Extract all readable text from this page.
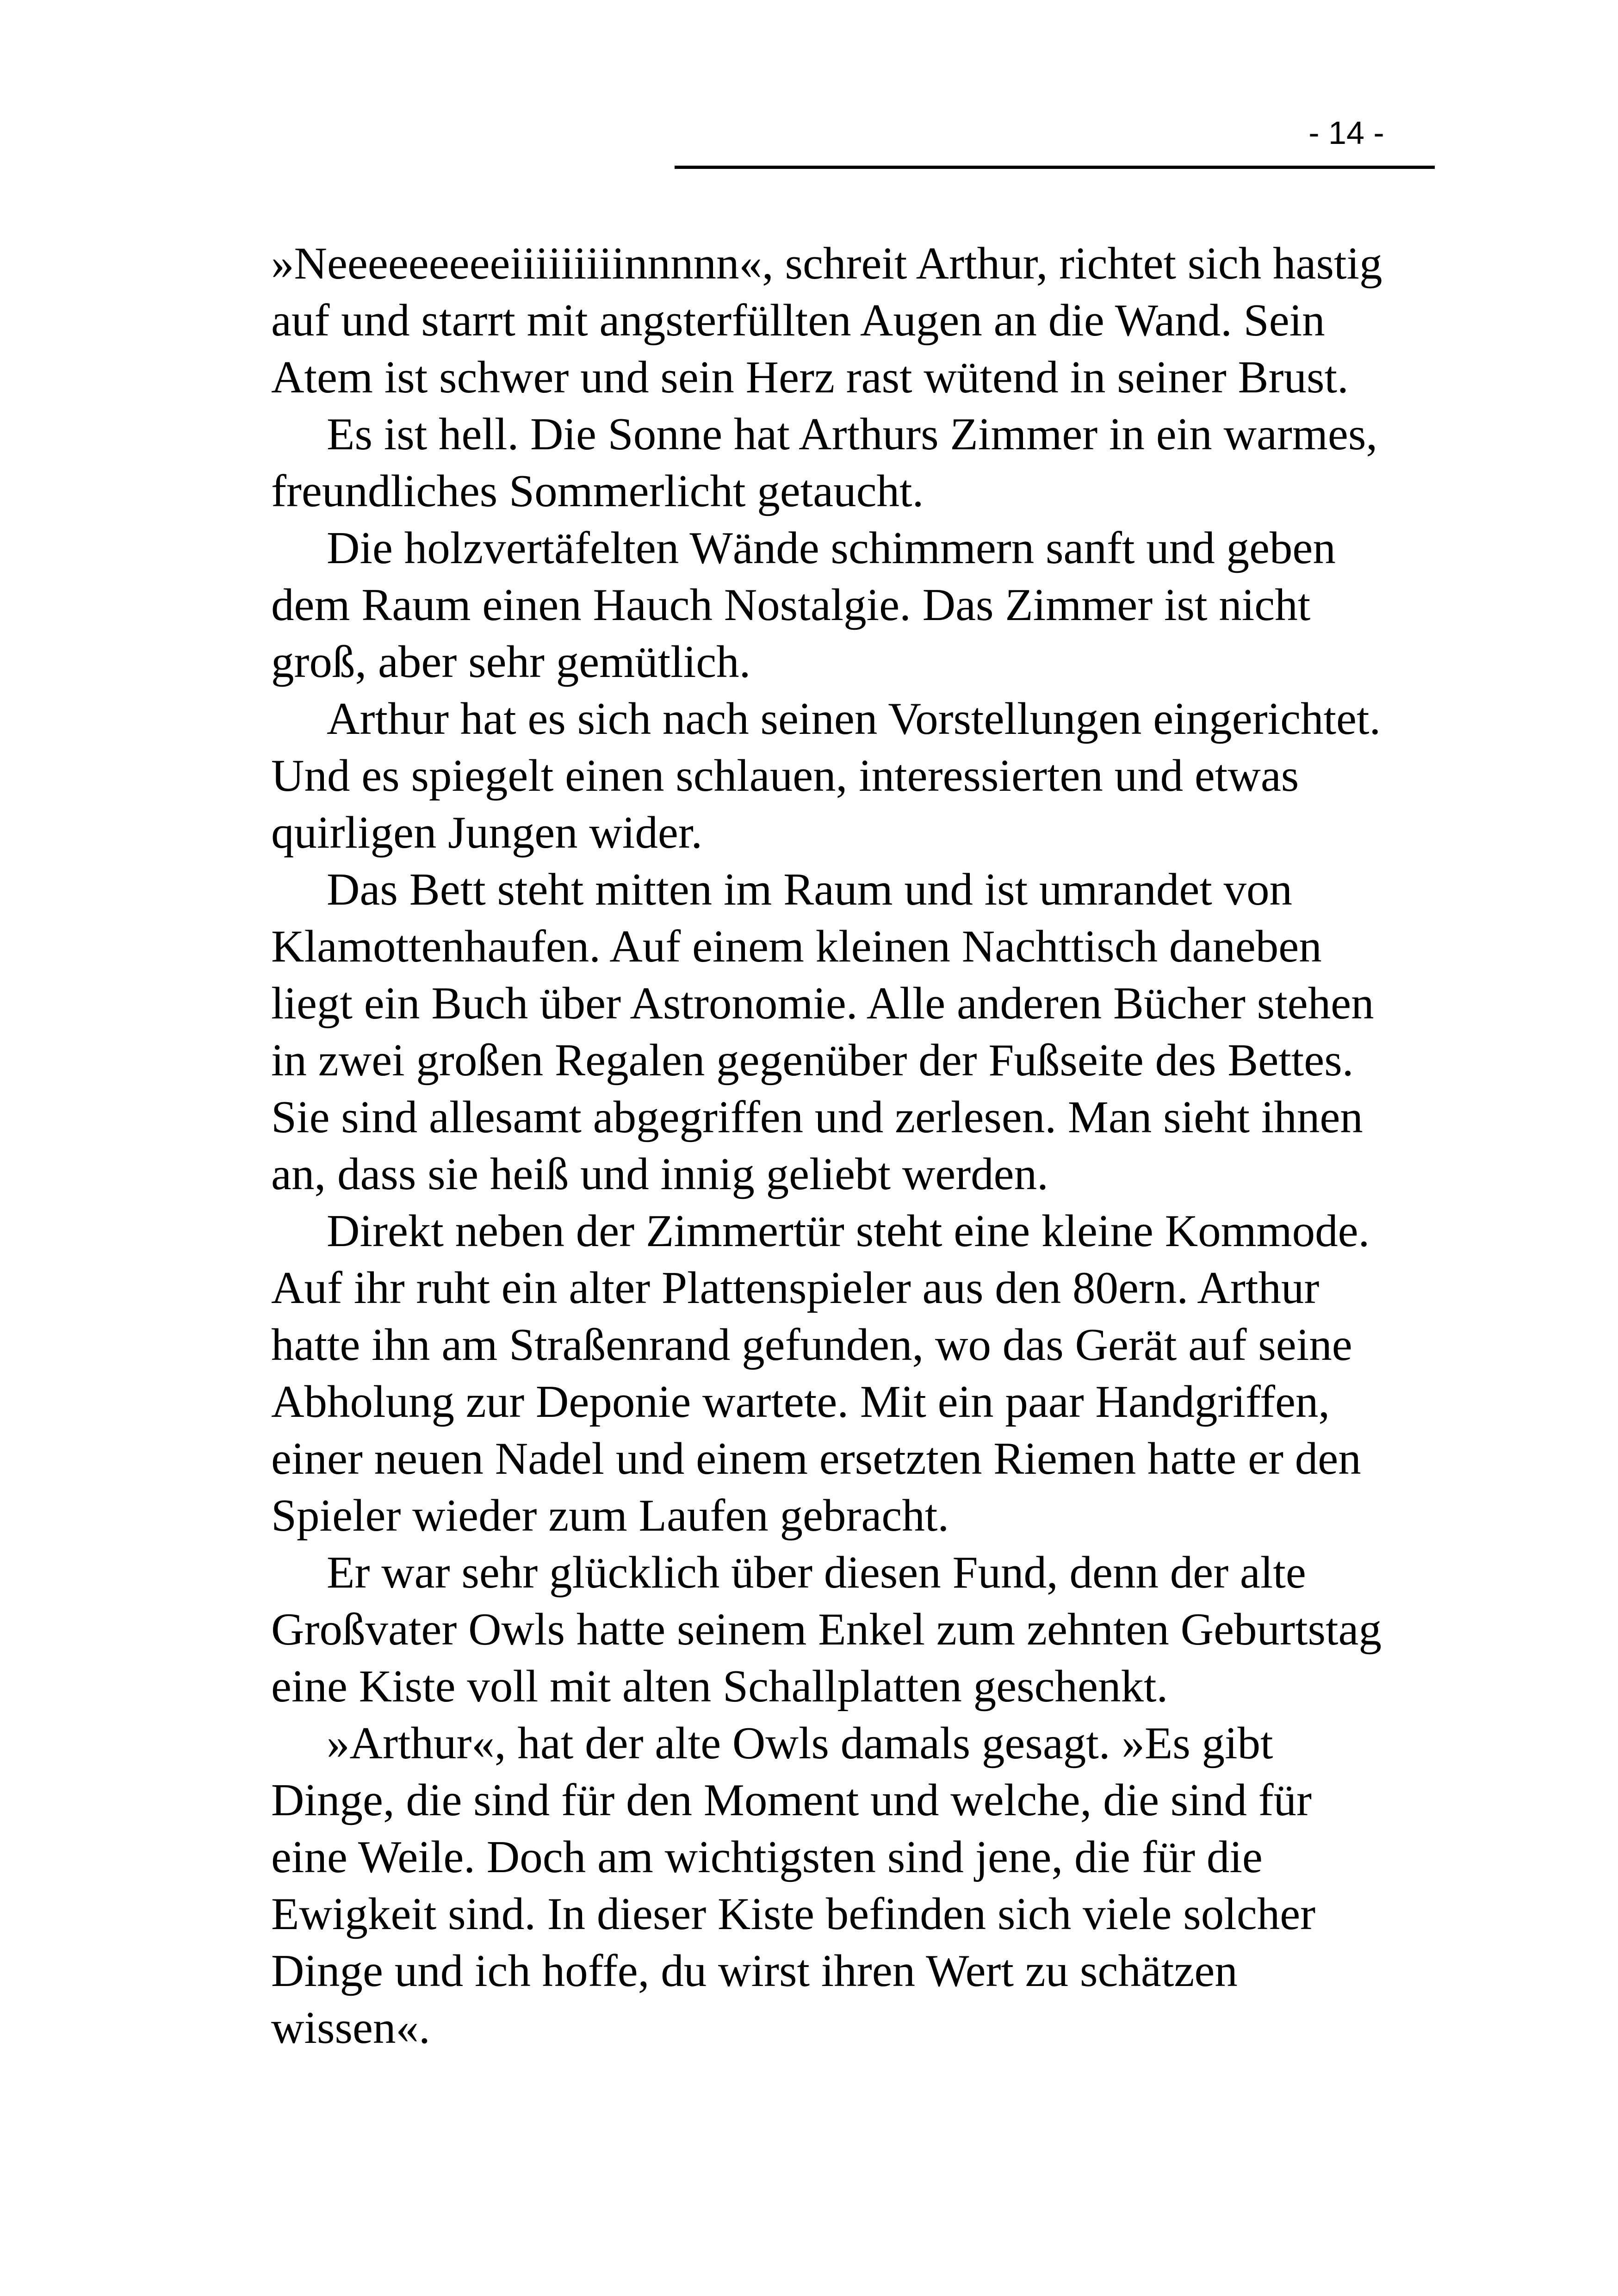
- 14 -

»Neeeeeeeeeiiiiiiiiinnnnn«, schreit Arthur, richtet sich hastig
auf und starrt mit angsterfüllten Augen an die Wand. Sein
Atem ist schwer und sein Herz rast wütend in seiner Brust.

Es ist hell. Die Sonne hat Arthurs Zimmer in ein warmes,
freundliches Sommerlicht getaucht.

Die holzvertäfelten Wände schimmern sanft und geben
dem Raum einen Hauch Nostalgie. Das Zimmer ist nicht
groß, aber sehr gemütlich.

Arthur hat es sich nach seinen Vorstellungen eingerichtet.
Und es spiegelt einen schlauen, interessierten und etwas
quirligen Jungen wider.

Das Bett steht mitten im Raum und ist umrandet von
Klamottenhaufen. Auf einem kleinen Nachttisch daneben
liegt ein Buch über Astronomie. Alle anderen Bücher stehen
in zwei großen Regalen gegenüber der Fußseite des Bettes.
Sie sind allesamt abgegriffen und zerlesen. Man sieht ihnen
an, dass sie heiß und innig geliebt werden.

Direkt neben der Zimmertür steht eine kleine Kommode.
Auf ihr ruht ein alter Plattenspieler aus den 80ern. Arthur
hatte ihn am Straßenrand gefunden, wo das Gerät auf seine
Abholung zur Deponie wartete. Mit ein paar Handgriffen,
einer neuen Nadel und einem ersetzten Riemen hatte er den
Spieler wieder zum Laufen gebracht.

Er war sehr glücklich über diesen Fund, denn der alte
Großvater Owls hatte seinem Enkel zum zehnten Geburtstag
eine Kiste voll mit alten Schallplatten geschenkt.

»Arthur«, hat der alte Owls damals gesagt. »Es gibt
Dinge, die sind für den Moment und welche, die sind für
eine Weile. Doch am wichtigsten sind jene, die für die
Ewigkeit sind. In dieser Kiste befinden sich viele solcher
Dinge und ich hoffe, du wirst ihren Wert zu schätzen
wissen«.
